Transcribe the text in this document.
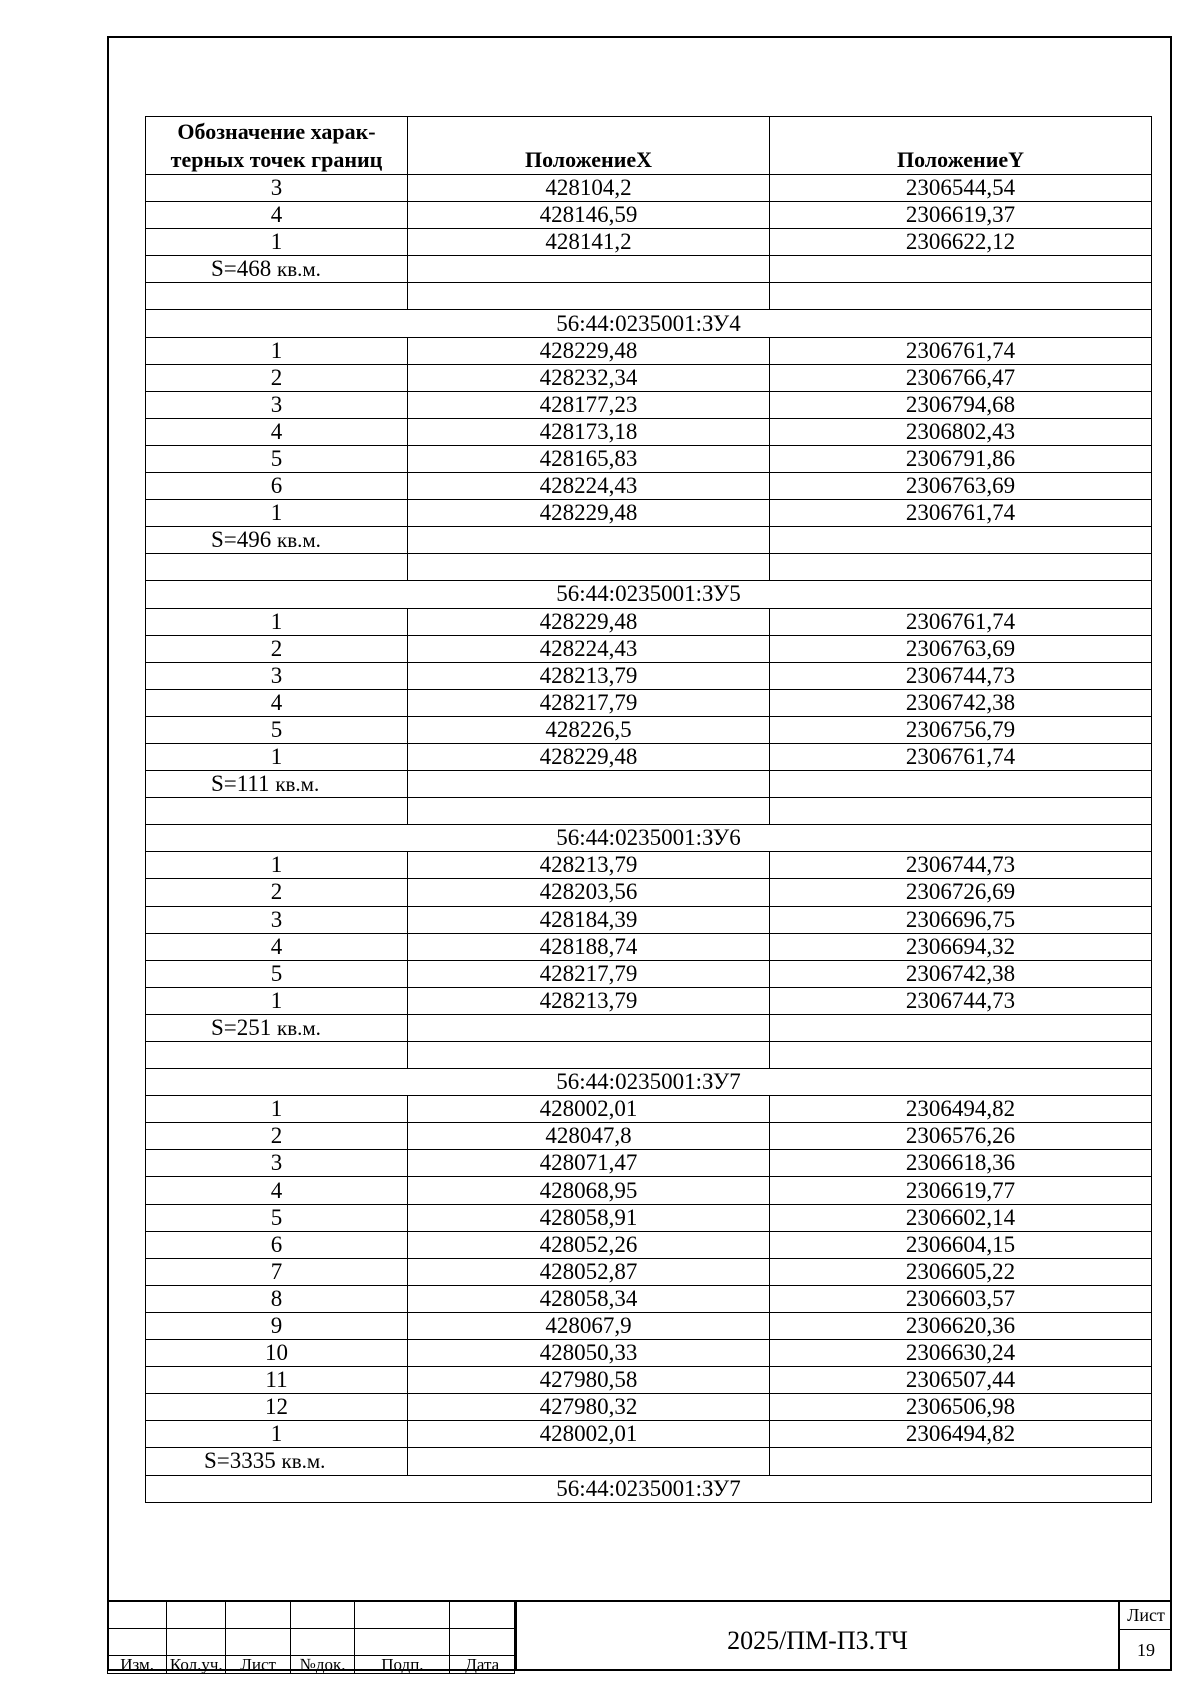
Обозначение харак-терных точек границ	ПоложениеX	ПоложениеY
3	428104,2	2306544,54
4	428146,59	2306619,37
1	428141,2	2306622,12
S=468 кв.м.		

56:44:0235001:ЗУ4		
1	428229,48	2306761,74
2	428232,34	2306766,47
3	428177,23	2306794,68
4	428173,18	2306802,43
5	428165,83	2306791,86
6	428224,43	2306763,69
1	428229,48	2306761,74
S=496 кв.м.		

56:44:0235001:ЗУ5		
1	428229,48	2306761,74
2	428224,43	2306763,69
3	428213,79	2306744,73
4	428217,79	2306742,38
5	428226,5	2306756,79
1	428229,48	2306761,74
S=111 кв.м.		

56:44:0235001:ЗУ6		
1	428213,79	2306744,73
2	428203,56	2306726,69
3	428184,39	2306696,75
4	428188,74	2306694,32
5	428217,79	2306742,38
1	428213,79	2306744,73
S=251 кв.м.		

56:44:0235001:ЗУ7		
1	428002,01	2306494,82
2	428047,8	2306576,26
3	428071,47	2306618,36
4	428068,95	2306619,77
5	428058,91	2306602,14
6	428052,26	2306604,15
7	428052,87	2306605,22
8	428058,34	2306603,57
9	428067,9	2306620,36
10	428050,33	2306630,24
11	427980,58	2306507,44
12	427980,32	2306506,98
1	428002,01	2306494,82
S=3335 кв.м.		
56:44:0235001:ЗУ7		

Изм.	Кол.уч.	Лист	№док.	Подп.	Дата
2025/ПМ-ПЗ.ТЧ
Лист
19
